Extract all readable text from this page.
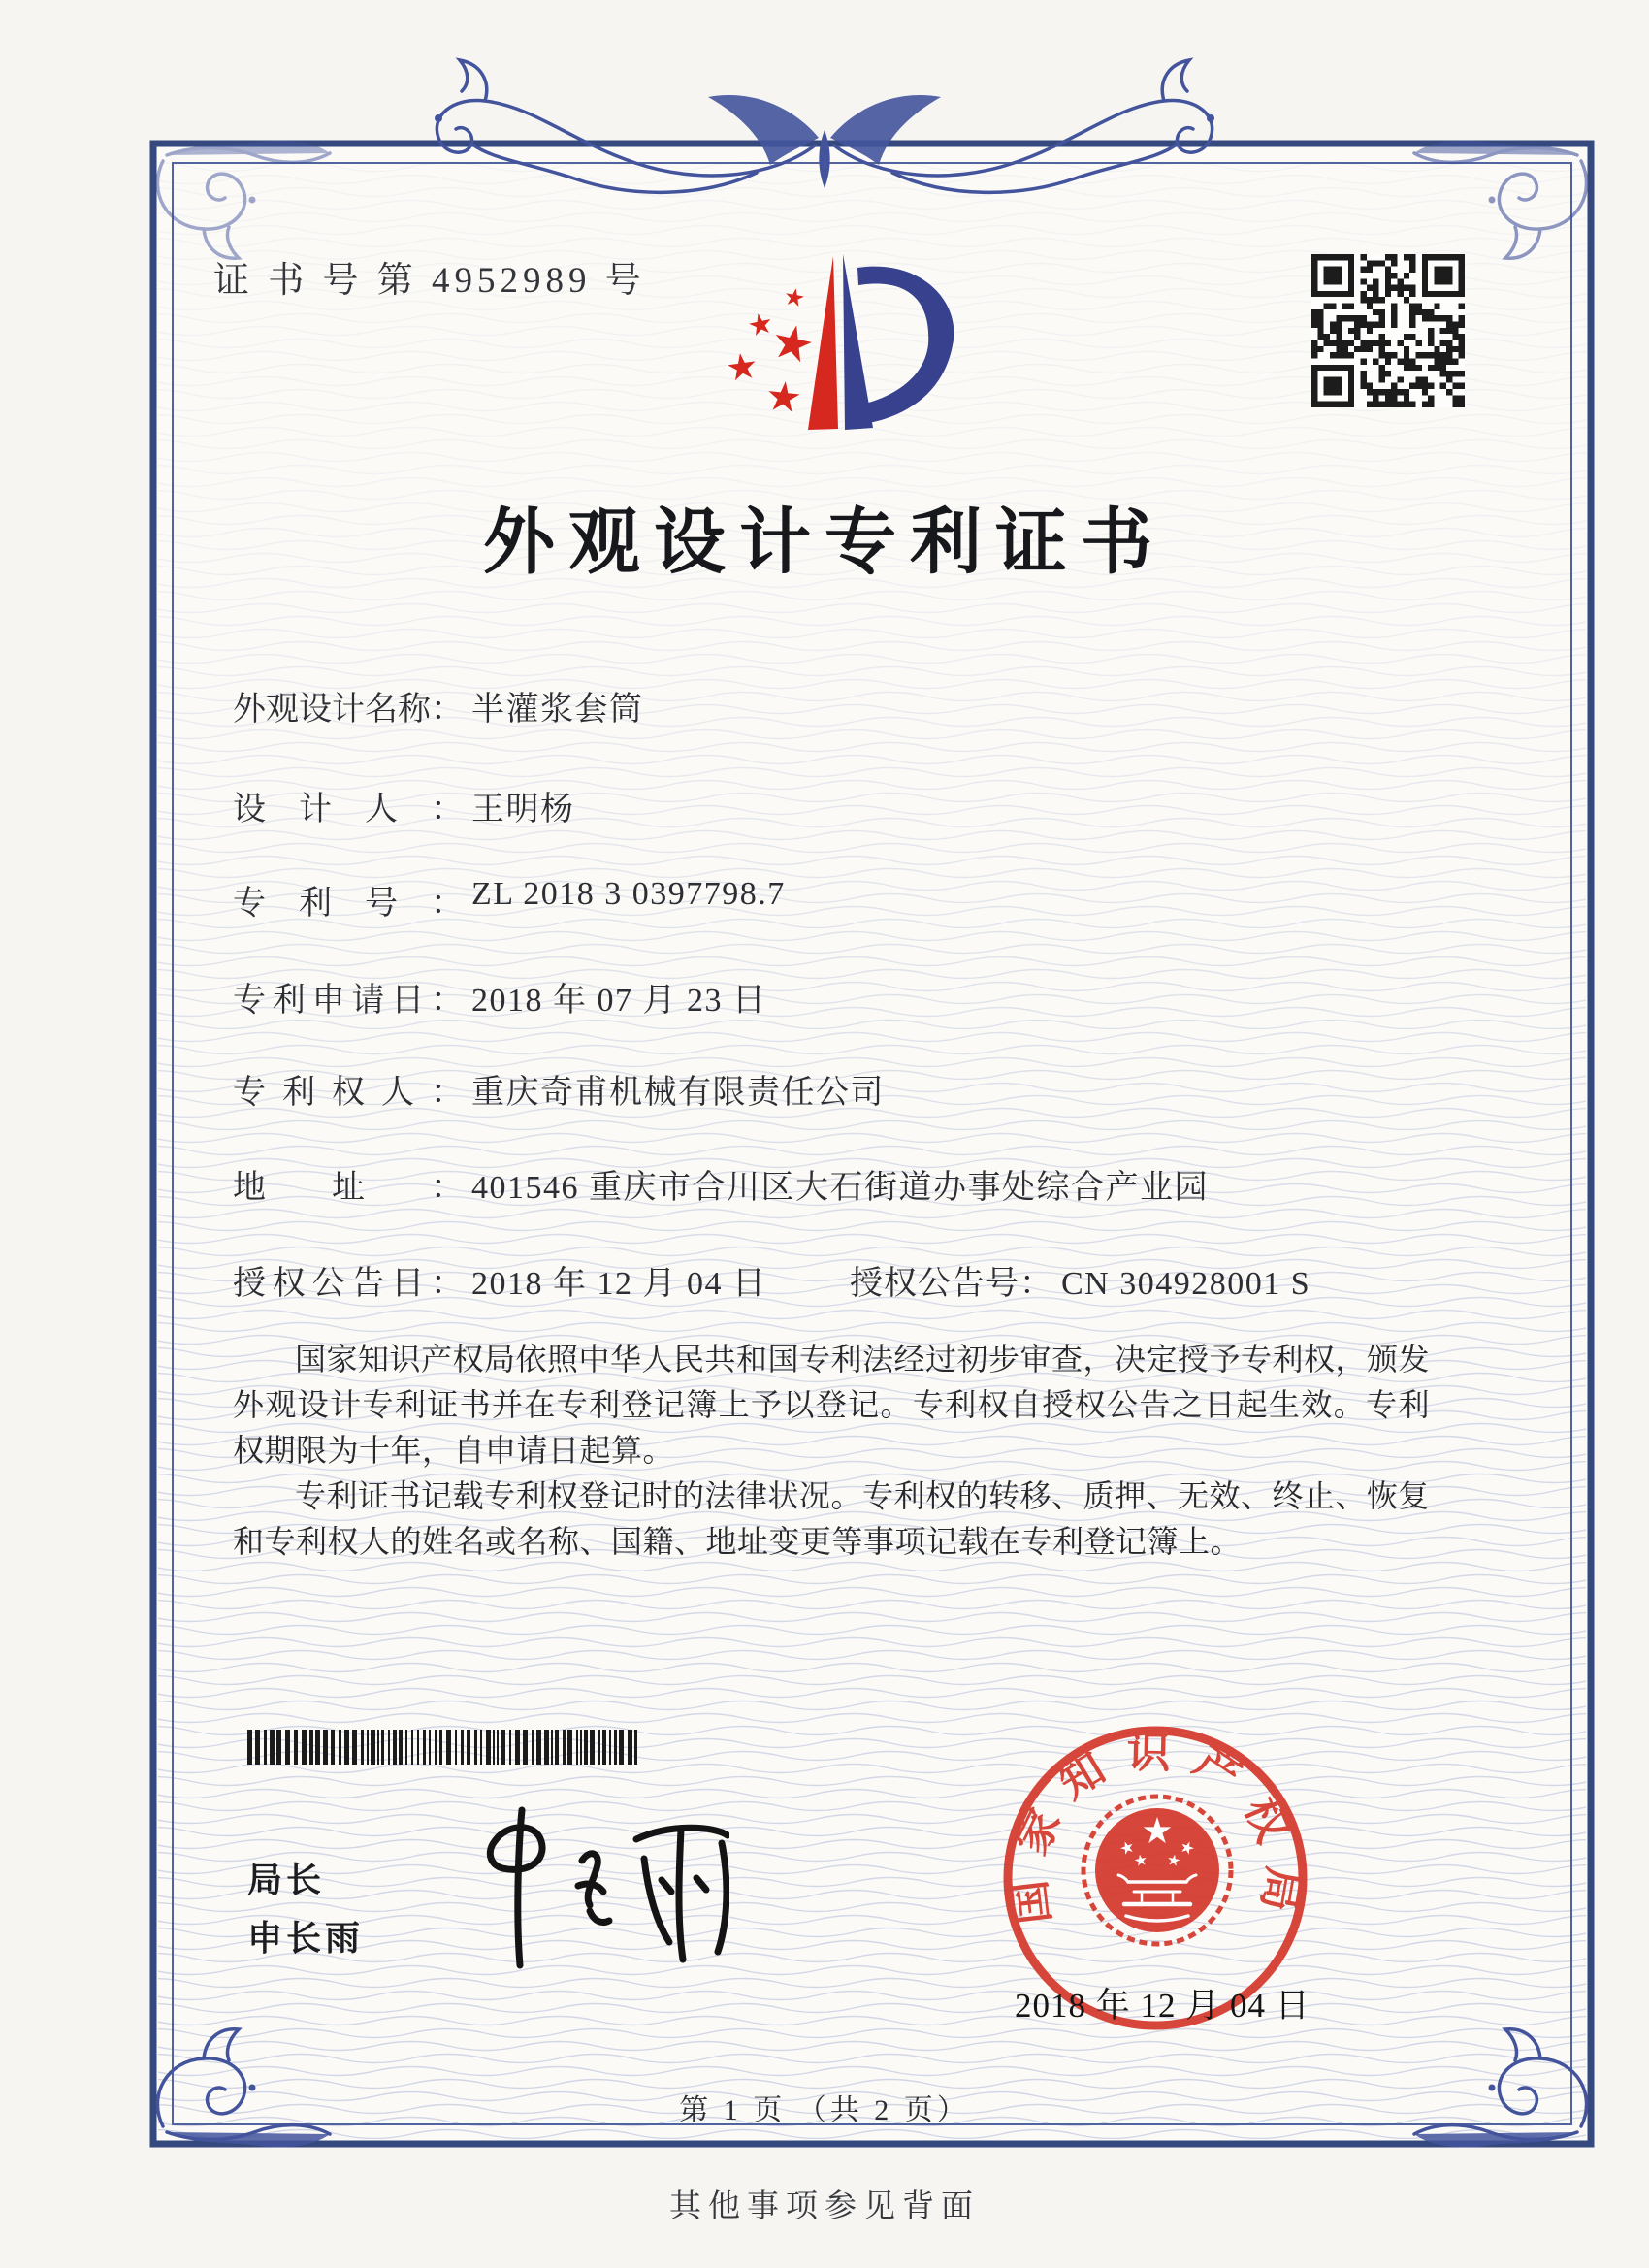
证 书 号 第 4952989 号
外观设计专利证书
外观设计名称： 半灌浆套筒
设计人： 王明杨
专利号： ZL 2018 3 0397798.7
专利申请日： 2018 年 07 月 23 日
专利权人： 重庆奇甫机械有限责任公司
地址： 401546 重庆市合川区大石街道办事处综合产业园
授权公告日： 2018 年 12 月 04 日	授权公告号： CN 304928001 S

国家知识产权局依照中华人民共和国专利法经过初步审查，决定授予专利权，颁发外观设计专利证书并在专利登记簿上予以登记。专利权自授权公告之日起生效。专利权期限为十年，自申请日起算。

专利证书记载专利权登记时的法律状况。专利权的转移、质押、无效、终止、恢复和专利权人的姓名或名称、国籍、地址变更等事项记载在专利登记簿上。

局长
申长雨
国家知识产权局
2018 年 12 月 04 日
第 1 页 （共 2 页）
其他事项参见背面
